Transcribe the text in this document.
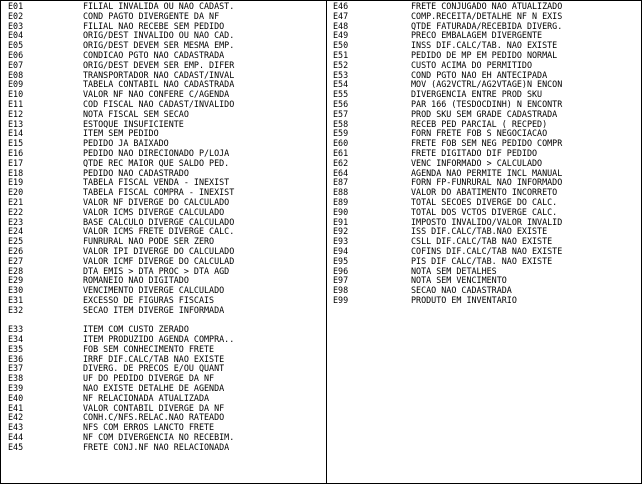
E01	FILIAL INVALIDA OU NAO CADAST.
E02	COND PAGTO DIVERGENTE DA NF
E03	FILIAL NAO RECEBE SEM PEDIDO
E04	ORIG/DEST INVALIDO OU NAO CAD.
E05	ORIG/DEST DEVEM SER MESMA EMP.
E06	CONDICAO PGTO NAO CADASTRADA
E07	ORIG/DEST DEVEM SER EMP. DIFER
E08	TRANSPORTADOR NAO CADAST/INVAL
E09	TABELA CONTABIL NAO CADASTRADA
E10	VALOR NF NAO CONFERE C/AGENDA
E11	COD FISCAL NAO CADAST/INVALIDO
E12	NOTA FISCAL SEM SECAO
E13	ESTOQUE INSUFICIENTE
E14	ITEM SEM PEDIDO
E15	PEDIDO JA BAIXADO
E16	PEDIDO NAO DIRECIONADO P/LOJA
E17	QTDE REC MAIOR QUE SALDO PED.
E18	PEDIDO NAO CADASTRADO
E19	TABELA FISCAL VENDA - INEXIST
E20	TABELA FISCAL COMPRA - INEXIST
E21	VALOR NF DIVERGE DO CALCULADO
E22	VALOR ICMS DIVERGE CALCULADO
E23	BASE CALCULO DIVERGE CALCULADO
E24	VALOR ICMS FRETE DIVERGE CALC.
E25	FUNRURAL NAO PODE SER ZERO
E26	VALOR IPI DIVERGE DO CALCULADO
E27	VALOR ICMF DIVERGE DO CALCULAD
E28	DTA EMIS > DTA PROC > DTA AGD
E29	ROMANEIO NAO DIGITADO
E30	VENCIMENTO DIVERGE CALCULADO
E31	EXCESSO DE FIGURAS FISCAIS
E32	SECAO ITEM DIVERGE INFORMADA
E33	ITEM COM CUSTO ZERADO
E34	ITEM PRODUZIDO AGENDA COMPRA..
E35	FOB SEM CONHECIMENTO FRETE
E36	IRRF DIF.CALC/TAB NAO EXISTE
E37	DIVERG. DE PRECOS E/OU QUANT
E38	UF DO PEDIDO DIVERGE DA NF
E39	NAO EXISTE DETALHE DE AGENDA
E40	NF RELACIONADA ATUALIZADA
E41	VALOR CONTABIL DIVERGE DA NF
E42	CONH.C/NFS.RELAC.NAO RATEADO
E43	NFS COM ERROS LANCTO FRETE
E44	NF COM DIVERGENCIA NO RECEBIM.
E45	FRETE CONJ.NF NAO RELACIONADA
E46	FRETE CONJUGADO NAO ATUALIZADO
E47	COMP.RECEITA/DETALHE NF N EXIS
E48	QTDE FATURADA/RECEBIDA DIVERG.
E49	PRECO EMBALAGEM DIVERGENTE
E50	INSS DIF.CALC/TAB. NAO EXISTE
E51	PEDIDO DE MP EM PEDIDO NORMAL
E52	CUSTO ACIMA DO PERMITIDO
E53	COND PGTO NAO EH ANTECIPADA
E54	MOV (AG2VCTRL/AG2VTAGE)N ENCON
E55	DIVERGENCIA ENTRE PROD SKU
E56	PAR 166 (TESDOCDINH) N ENCONTR
E57	PROD SKU SEM GRADE CADASTRADA
E58	RECEB PED PARCIAL ( RECPED)
E59	FORN FRETE FOB S NEGOCIACAO
E60	FRETE FOB SEM NEG PEDIDO COMPR
E61	FRETE DIGITADO DIF PEDIDO
E62	VENC INFORMADO > CALCULADO
E64	AGENDA NAO PERMITE INCL MANUAL
E87	FORN FP-FUNRURAL NAO INFORMADO
E88	VALOR DO ABATIMENTO INCORRETO
E89	TOTAL SECOES DIVERGE DO CALC.
E90	TOTAL DOS VCTOS DIVERGE CALC.
E91	IMPOSTO INVALIDO/VALOR INVALID
E92	ISS DIF.CALC/TAB.NAO EXISTE
E93	CSLL DIF.CALC/TAB NAO EXISTE
E94	COFINS DIF.CALC/TAB NAO EXISTE
E95	PIS DIF CALC/TAB. NAO EXISTE
E96	NOTA SEM DETALHES
E97	NOTA SEM VENCIMENTO
E98	SECAO NAO CADASTRADA
E99	PRODUTO EM INVENTARIO
